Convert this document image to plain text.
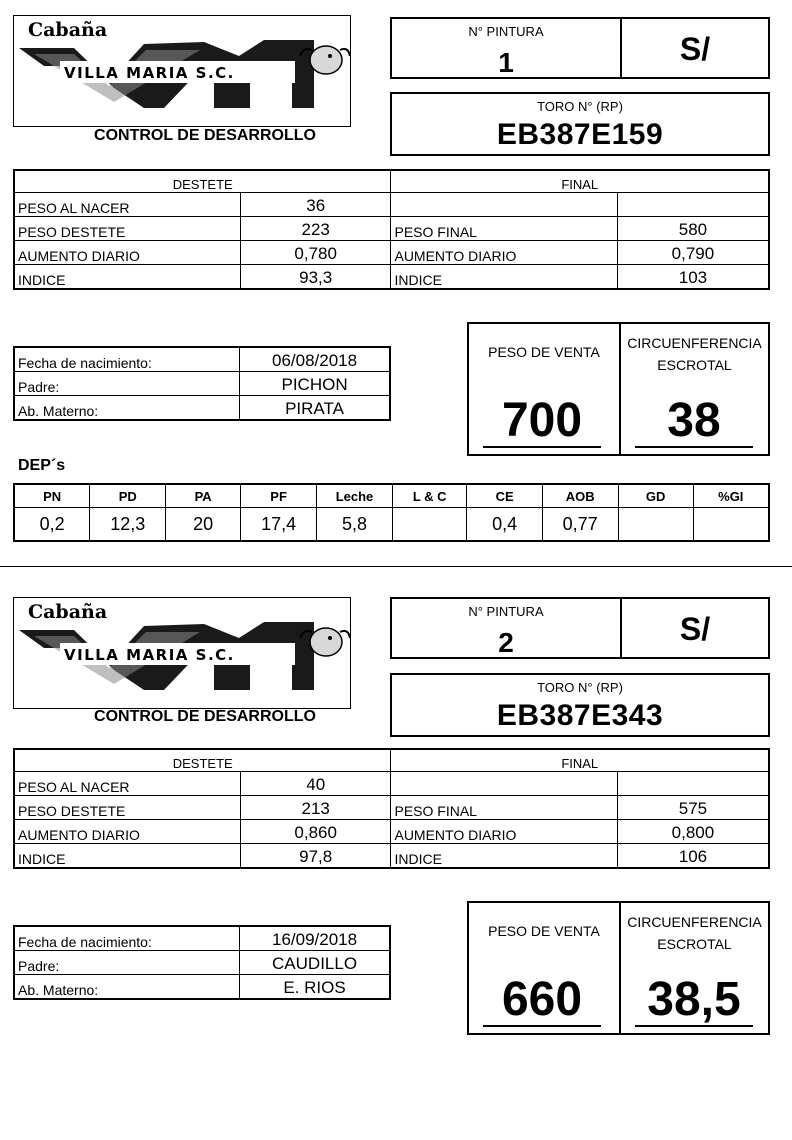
Cabaña
VILLA MARIA S.C.
CONTROL DE DESARROLLO
N° PINTURA
1	S/
TORO N° (RP)
EB387E159
DESTETE		FINAL	
PESO AL NACER	36		
PESO DESTETE	223	PESO FINAL	580
AUMENTO DIARIO	0,780	AUMENTO DIARIO	0,790
INDICE	93,3	INDICE	103
Fecha de nacimiento:	06/08/2018
Padre:	PICHON
Ab. Materno:	PIRATA
PESO DE VENTA
CIRCUENFERENCIA
ESCROTAL
700	38
DEP´s
PN	PD	PA	PF	Leche	L & C	CE	AOB	GD	%GI
0,2	12,3	20	17,4	5,8		0,4	0,77		
Cabaña
VILLA MARIA S.C.
CONTROL DE DESARROLLO
N° PINTURA
2	S/
TORO N° (RP)
EB387E343
DESTETE		FINAL	
PESO AL NACER	40		
PESO DESTETE	213	PESO FINAL	575
AUMENTO DIARIO	0,860	AUMENTO DIARIO	0,800
INDICE	97,8	INDICE	106
Fecha de nacimiento:	16/09/2018
Padre:	CAUDILLO
Ab. Materno:	E. RIOS
PESO DE VENTA
CIRCUENFERENCIA
ESCROTAL
660	38,5
